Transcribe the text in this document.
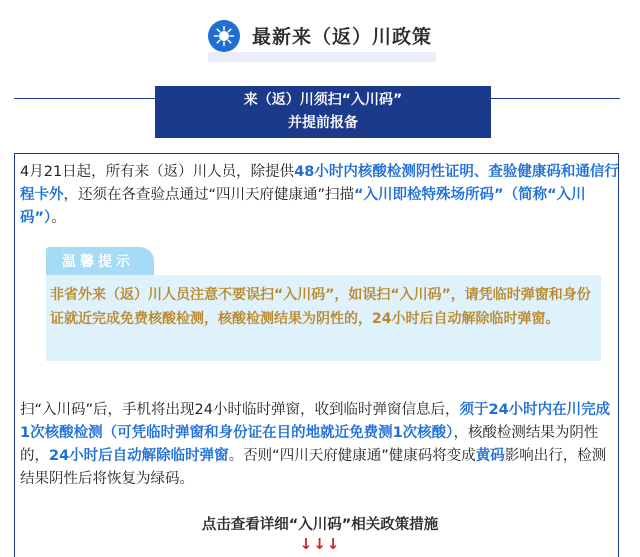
最新来（返）川政策
来（返）川须扫“入川码”
并提前报备
4月21日起，所有来（返）川人员，除提供48小时内核酸检测阴性证明、查验健康码和通信行程卡外，还须在各查验点通过“四川天府健康通”扫描“入川即检特殊场所码”（简称“入川码”）。
温馨提示
非省外来（返）川人员注意不要误扫“入川码”，如误扫“入川码”，请凭临时弹窗和身份证就近完成免费核酸检测，核酸检测结果为阴性的，24小时后自动解除临时弹窗。
扫“入川码”后，手机将出现24小时临时弹窗，收到临时弹窗信息后，须于24小时内在川完成1次核酸检测（可凭临时弹窗和身份证在目的地就近免费测1次核酸），核酸检测结果为阴性的，24小时后自动解除临时弹窗。否则“四川天府健康通”健康码将变成黄码影响出行，检测结果阴性后将恢复为绿码。
点击查看详细“入川码”相关政策措施
↓↓↓
